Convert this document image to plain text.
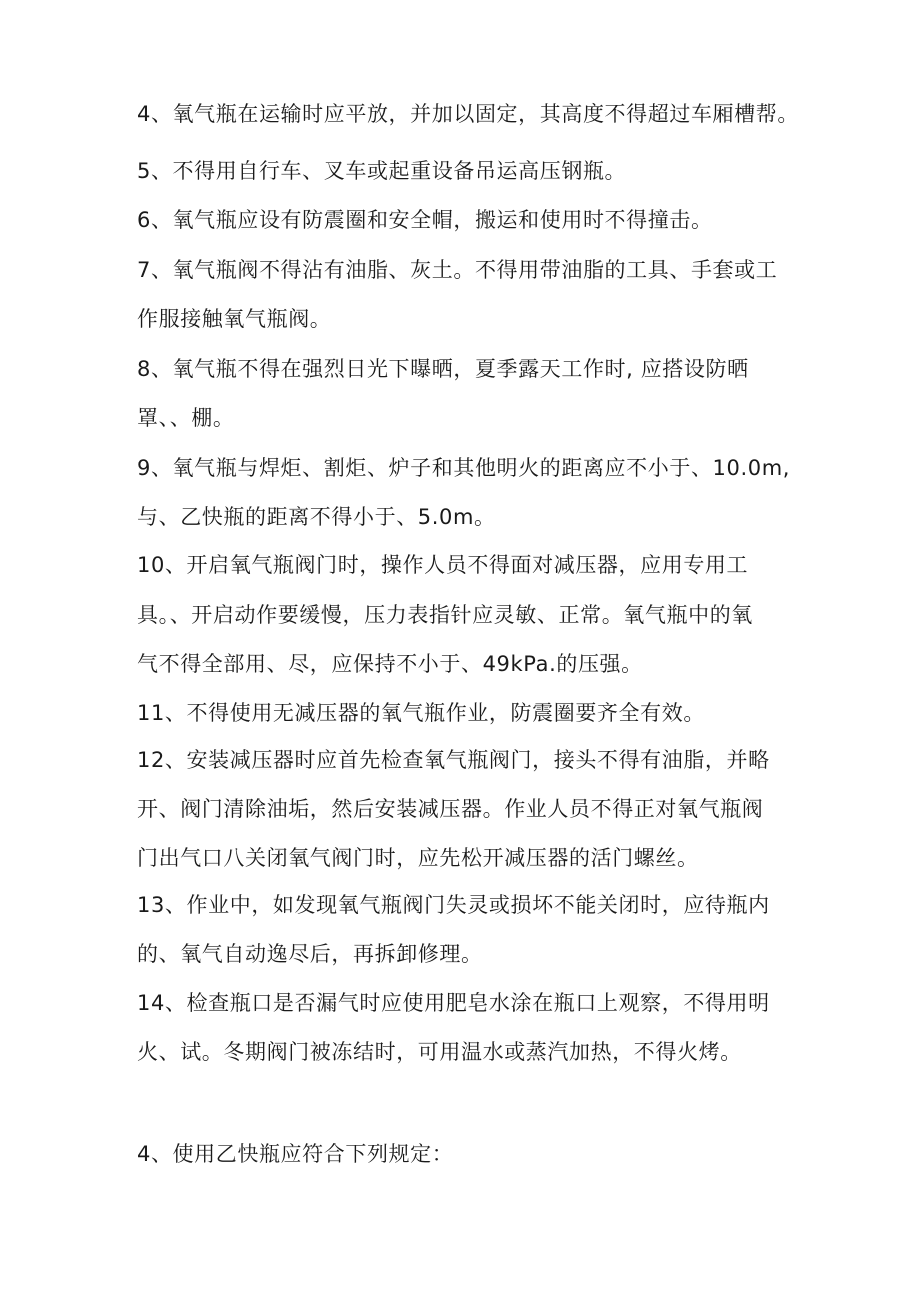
4、氧气瓶在运输时应平放，并加以固定，其高度不得超过车厢槽帮。
5、不得用自行车、叉车或起重设备吊运高压钢瓶。
6、氧气瓶应设有防震圈和安全帽，搬运和使用时不得撞击。
7、氧气瓶阀不得沾有油脂、灰土。不得用带油脂的工具、手套或工
作服接触氧气瓶阀。
8、氧气瓶不得在强烈日光下曝晒，夏季露天工作时, 应搭设防晒
罩、、棚。
9、氧气瓶与焊炬、割炬、炉子和其他明火的距离应不小于、10.0m,
与、乙快瓶的距离不得小于、5.0m。
10、开启氧气瓶阀门时，操作人员不得面对减压器，应用专用工
具。、开启动作要缓慢，压力表指针应灵敏、正常。氧气瓶中的氧
气不得全部用、尽，应保持不小于、49kPa.的压强。
11、不得使用无减压器的氧气瓶作业，防震圈要齐全有效。
12、安装减压器时应首先检查氧气瓶阀门，接头不得有油脂，并略
开、阀门清除油垢，然后安装减压器。作业人员不得正对氧气瓶阀
门出气口八关闭氧气阀门时，应先松开减压器的活门螺丝。
13、作业中，如发现氧气瓶阀门失灵或损坏不能关闭时，应待瓶内
的、氧气自动逸尽后，再拆卸修理。
14、检查瓶口是否漏气时应使用肥皂水涂在瓶口上观察，不得用明
火、试。冬期阀门被冻结时，可用温水或蒸汽加热，不得火烤。
4、使用乙快瓶应符合下列规定：
